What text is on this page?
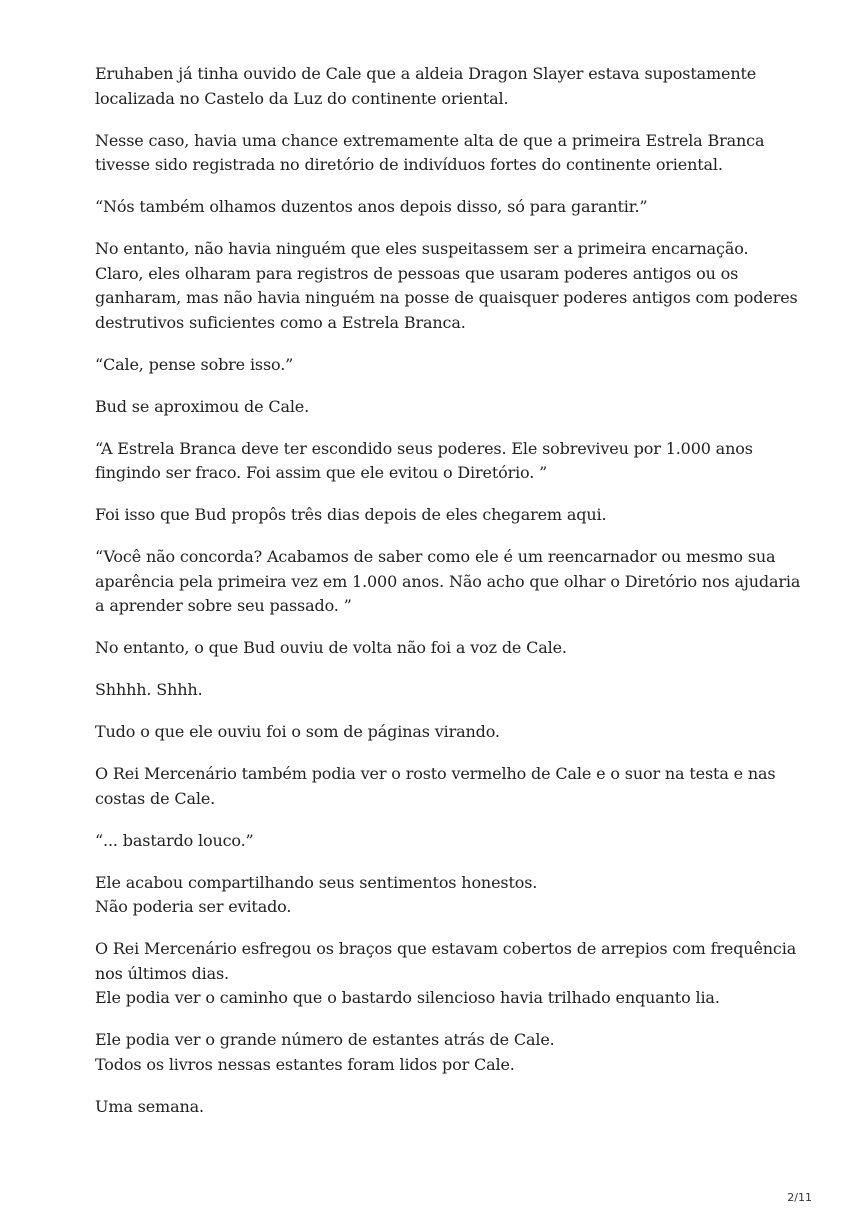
Eruhaben já tinha ouvido de Cale que a aldeia Dragon Slayer estava supostamente
localizada no Castelo da Luz do continente oriental.

Nesse caso, havia uma chance extremamente alta de que a primeira Estrela Branca
tivesse sido registrada no diretório de indivíduos fortes do continente oriental.

“Nós também olhamos duzentos anos depois disso, só para garantir.”

No entanto, não havia ninguém que eles suspeitassem ser a primeira encarnação.
Claro, eles olharam para registros de pessoas que usaram poderes antigos ou os
ganharam, mas não havia ninguém na posse de quaisquer poderes antigos com poderes
destrutivos suficientes como a Estrela Branca.

“Cale, pense sobre isso.”

Bud se aproximou de Cale.

“A Estrela Branca deve ter escondido seus poderes. Ele sobreviveu por 1.000 anos
fingindo ser fraco. Foi assim que ele evitou o Diretório. ”

Foi isso que Bud propôs três dias depois de eles chegarem aqui.

“Você não concorda? Acabamos de saber como ele é um reencarnador ou mesmo sua
aparência pela primeira vez em 1.000 anos. Não acho que olhar o Diretório nos ajudaria
a aprender sobre seu passado. ”

No entanto, o que Bud ouviu de volta não foi a voz de Cale.

Shhhh. Shhh.

Tudo o que ele ouviu foi o som de páginas virando.

O Rei Mercenário também podia ver o rosto vermelho de Cale e o suor na testa e nas
costas de Cale.

“... bastardo louco.”

Ele acabou compartilhando seus sentimentos honestos.
Não poderia ser evitado.

O Rei Mercenário esfregou os braços que estavam cobertos de arrepios com frequência
nos últimos dias.
Ele podia ver o caminho que o bastardo silencioso havia trilhado enquanto lia.

Ele podia ver o grande número de estantes atrás de Cale.
Todos os livros nessas estantes foram lidos por Cale.

Uma semana.

2/11
